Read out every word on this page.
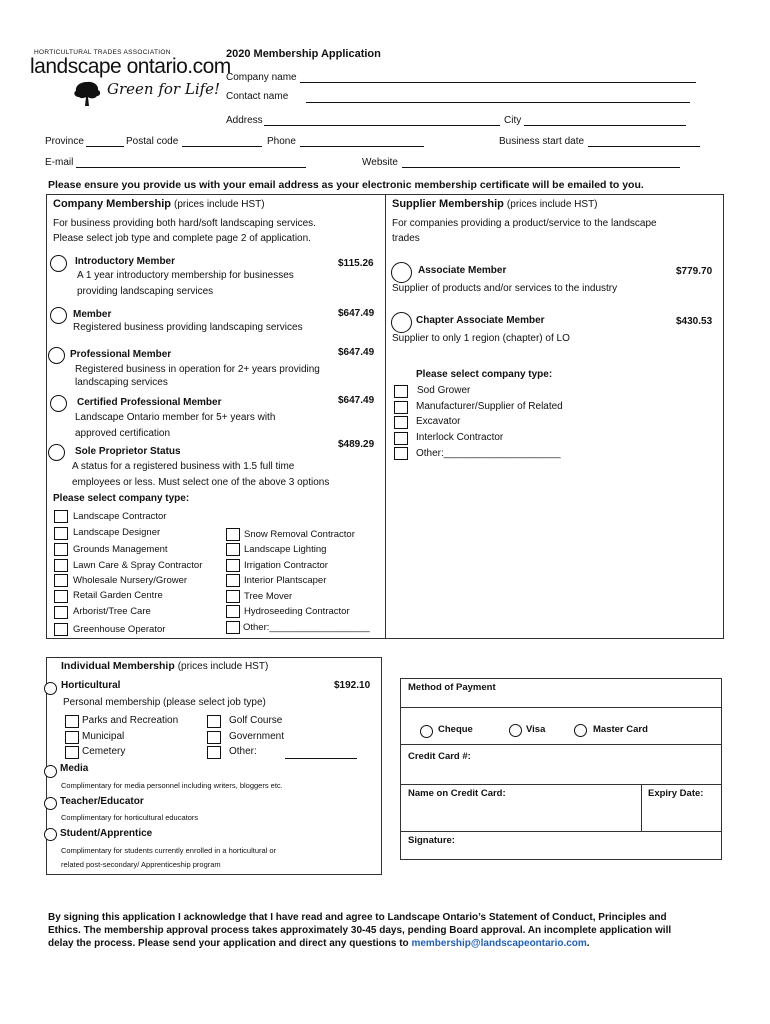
HORTICULTURAL TRADES ASSOCIATION
landscape ontario.com
Green for Life!
2020 Membership Application
Company name
Contact name
Address	City
Province	Postal code	Phone	Business start date
E-mail	Website
Please ensure you provide us with your email address as your electronic membership certificate will be emailed to you.
Company Membership (prices include HST)
For business providing both hard/soft landscaping services.
Please select job type and complete page 2 of application.
Introductory Member	$115.26
A 1 year introductory membership for businesses
providing landscaping services
Member	$647.49
Registered business providing landscaping services
Professional Member	$647.49
Registered business in operation for 2+ years providing
landscaping services
Certified Professional Member	$647.49
Landscape Ontario member for 5+ years with
approved certification
Sole Proprietor Status
$489.29
A status for a registered business with 1.5 full time
employees or less. Must select one of the above 3 options
Please select company type:
Landscape Contractor
Landscape Designer
Grounds Management
Lawn Care & Spray Contractor
Wholesale Nursery/Grower
Retail Garden Centre
Arborist/Tree Care
Greenhouse Operator
Snow Removal Contractor
Landscape Lighting
Irrigation Contractor
Interior Plantscaper
Tree Mover
Hydroseeding Contractor
Other:___________________
Supplier Membership (prices include HST)
For companies providing a product/service to the landscape
trades
Associate Member	$779.70
Supplier of products and/or services to the industry
Chapter Associate Member	$430.53
Supplier to only 1 region (chapter) of LO
Please select company type:
Sod Grower
Manufacturer/Supplier of Related
Excavator
Interlock Contractor
Other:_____________________
Individual Membership (prices include HST)
Horticultural	$192.10
Personal membership (please select job type)
Parks and Recreation
Municipal
Cemetery
Golf Course
Government
Other:
Media
Complimentary for media personnel including writers, bloggers etc.
Teacher/Educator
Complimentary for horticultural educators
Student/Apprentice
Complimentary for students currently enrolled in a horticultural or
related post-secondary/ Apprenticeship program
Method of Payment
Cheque	Visa	Master Card
Credit Card #:
Name on Credit Card:	Expiry Date:
Signature:
By signing this application I acknowledge that I have read and agree to Landscape Ontario’s Statement of Conduct, Principles and
Ethics. The membership approval process takes approximately 30-45 days, pending Board approval. An incomplete application will
delay the process. Please send your application and direct any questions to membership@landscapeontario.com.
